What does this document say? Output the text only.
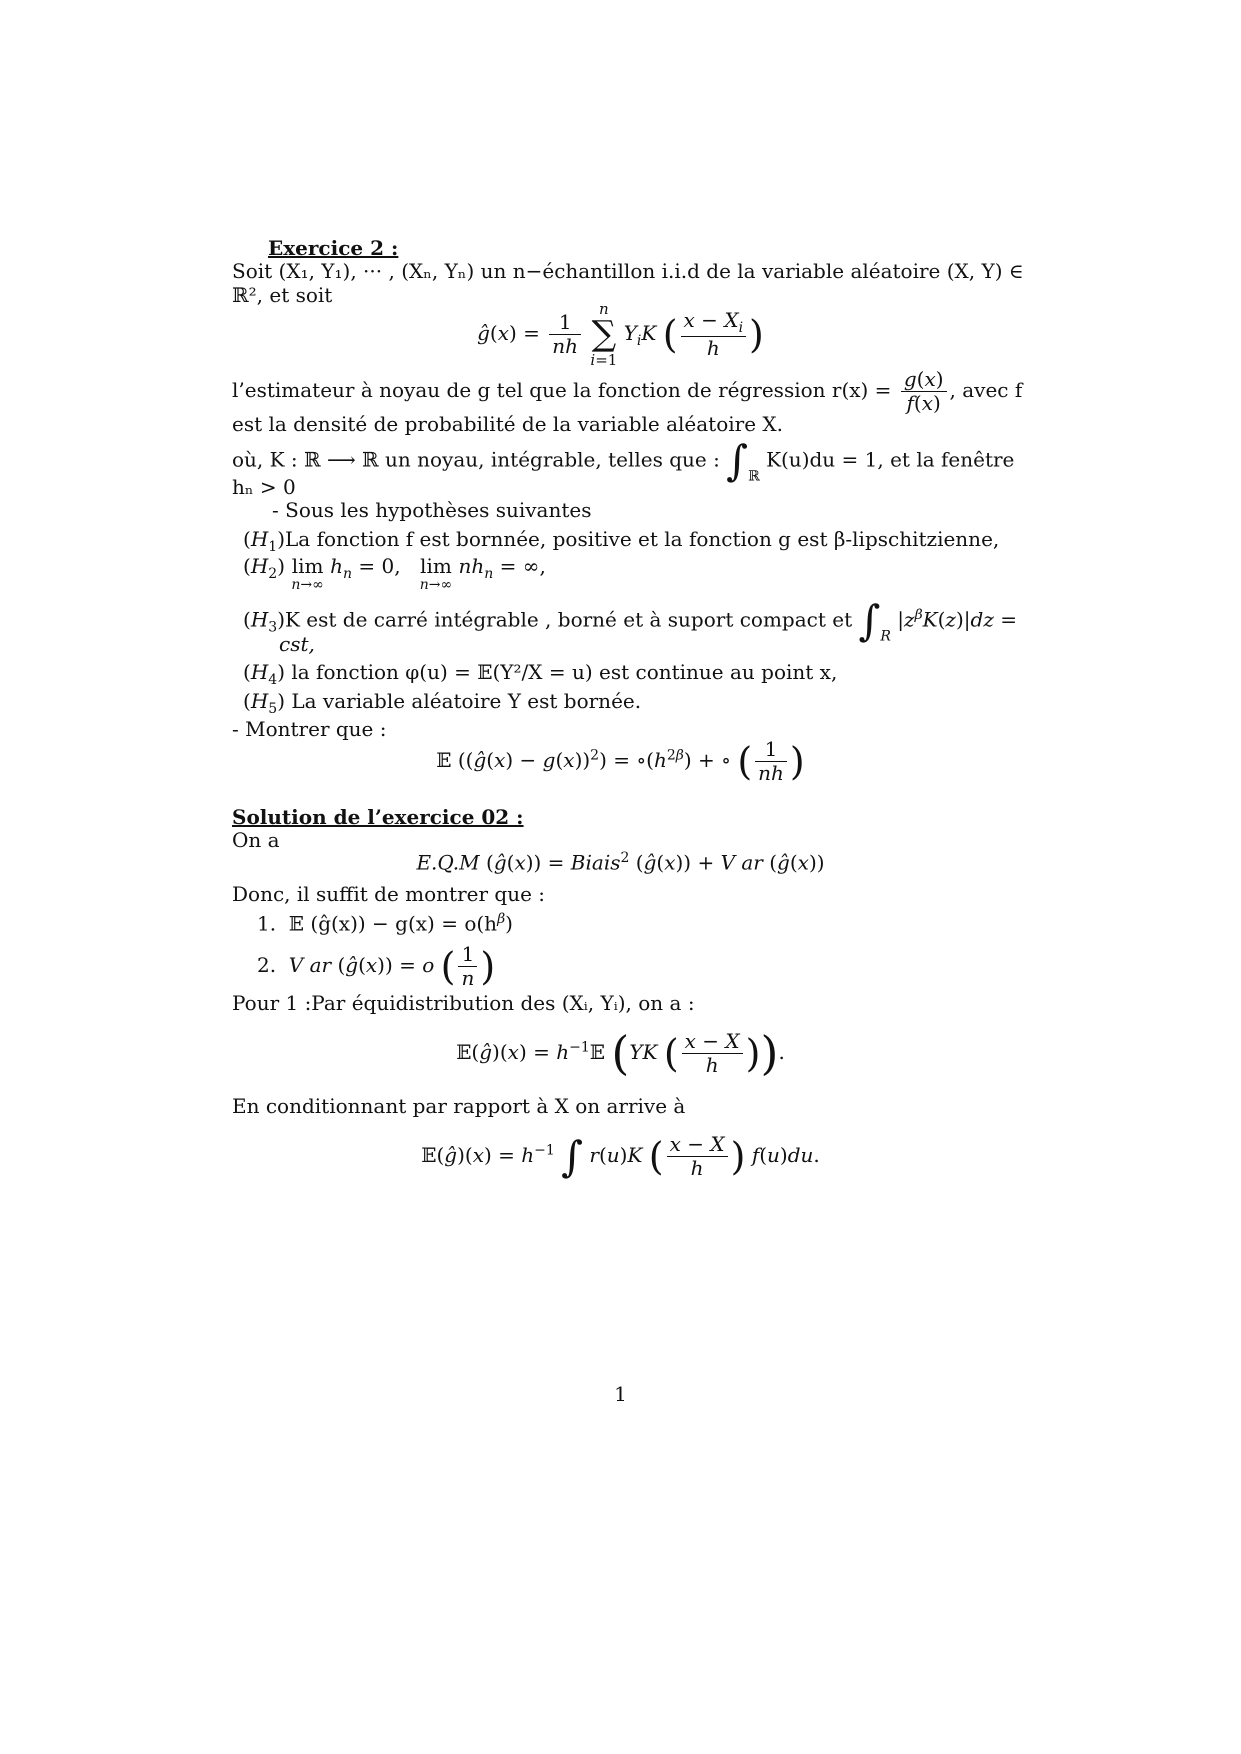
Exercice 2 :
Soit (X₁, Y₁), ··· , (Xₙ, Yₙ) un n−échantillon i.i.d de la variable aléatoire (X, Y) ∈
ℝ², et soit
ĝ(x) = $\frac{1}{nh}$
n
∑
i=1 $Y_iK$ ( $\frac{x - X_i}{h}$ )
l’estimateur à noyau de g tel que la fonction de régression $r(x) = \frac{g(x)}{f(x)}$ , avec f
est la densité de probabilité de la variable aléatoire X.
où, K : ℝ ⟶ ℝ un noyau, intégrable, telles que : $\int_ℝ$ K(u)du = 1, et la fenêtre
hₙ > 0
- Sous les hypothèses suivantes
$(H_1)La$ fonction f est bornnée, positive et la fonction g est β-lipschitzienne,
$(H_2)$ lim
n→∞
$h_n = 0$,   lim
n→∞
$nh_n$ = ∞,
$(H_3)K$ est de carré intégrable , borné et à suport compact et $\int_R$ $|z^\beta K(z)|dz$ =
cst,
$(H_4)$ la fonction φ(u) = 𝔼(Y²/X = u) est continue au point x,
$(H_5)$ La variable aléatoire Y est bornée.
- Montrer que :
𝔼 ((ĝ(x) − $g(x))^2) = \circ(h^{2\beta})$ + ∘ ( $\frac{1}{nh}$ )
Solution de l’exercice 02 :
On a
E.Q.M (ĝ(x)) = Biais$^2$ (ĝ(x)) + V ar (ĝ(x))
Donc, il suffit de montrer que :
1.  𝔼 (ĝ(x)) − $g(x) = o(h^\beta)$
2.  V ar (ĝ(x)) = o ( $\frac{1}{n}$ )
Pour 1 :Par équidistribution des (Xᵢ, Yᵢ), on a :
𝔼(ĝ)(x) = $h^{-1}𝔼$ (YK ( $\frac{x - X}{h}$ )).
En conditionnant par rapport à X on arrive à
𝔼(ĝ)(x) = $h^{-1}$ ∫ r(u)K ( $\frac{x - X}{h}$ ) f(u)du.
1
